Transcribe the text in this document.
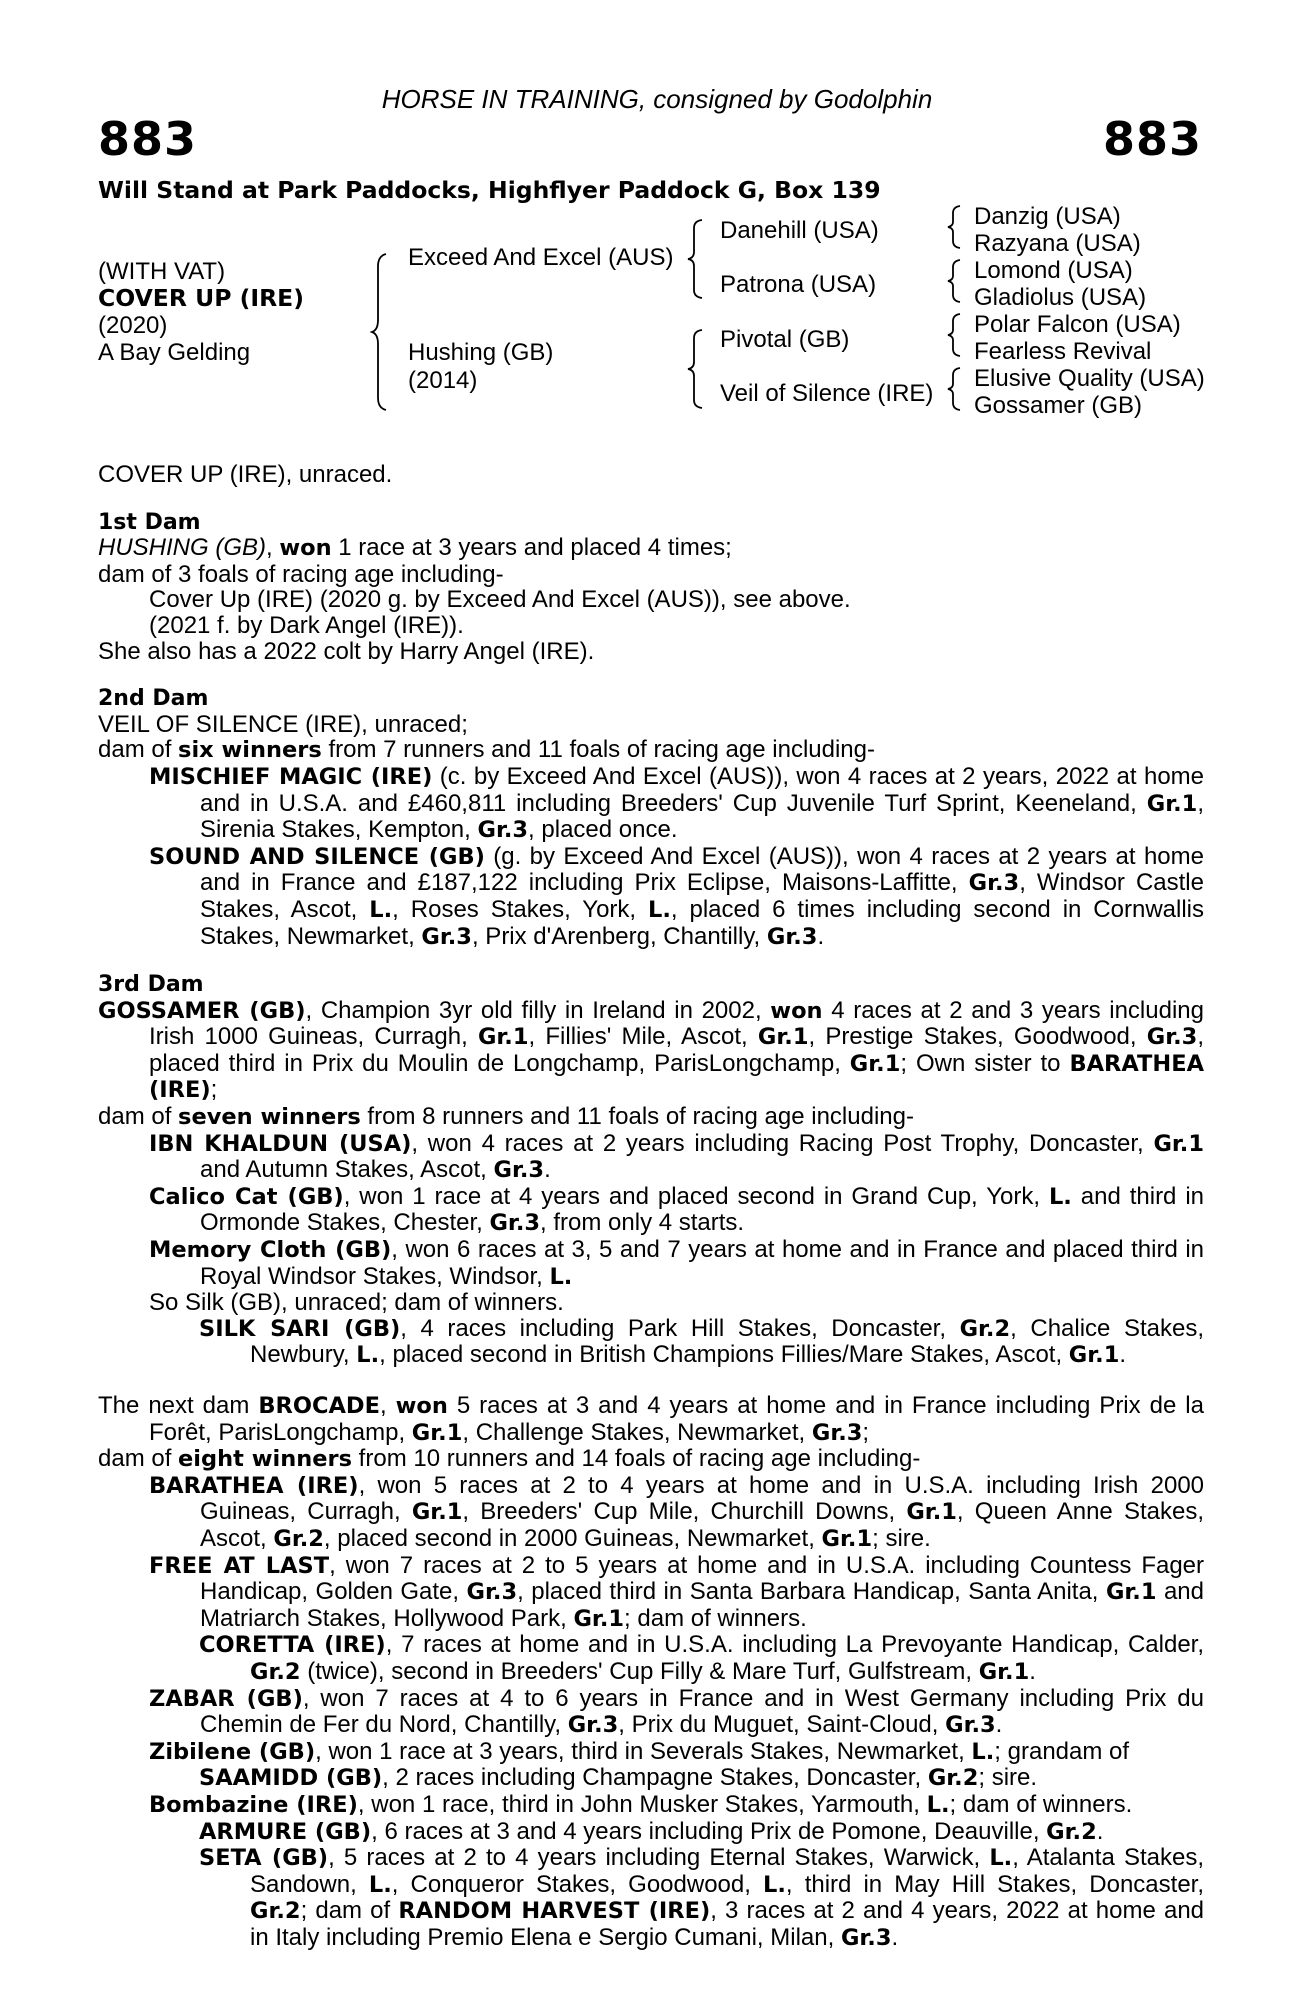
HORSE IN TRAINING, consigned by Godolphin
883	883
Will Stand at Park Paddocks, Highflyer Paddock G, Box 139
(WITH VAT)
COVER UP (IRE)
(2020)
A Bay Gelding
Exceed And Excel (AUS)
Hushing (GB)
(2014)
Danehill (USA)
Patrona (USA)
Pivotal (GB)
Veil of Silence (IRE)
Danzig (USA)
Razyana (USA)
Lomond (USA)
Gladiolus (USA)
Polar Falcon (USA)
Fearless Revival
Elusive Quality (USA)
Gossamer (GB)

COVER UP (IRE), unraced.

1st Dam

HUSHING (GB), won 1 race at 3 years and placed 4 times;

dam of 3 foals of racing age including-

Cover Up (IRE) (2020 g. by Exceed And Excel (AUS)), see above.

(2021 f. by Dark Angel (IRE)).

She also has a 2022 colt by Harry Angel (IRE).

2nd Dam

VEIL OF SILENCE (IRE), unraced;

dam of six winners from 7 runners and 11 foals of racing age including-

MISCHIEF MAGIC (IRE) (c. by Exceed And Excel (AUS)), won 4 races at 2 years, 2022 at home and in U.S.A. and £460,811 including Breeders' Cup Juvenile Turf Sprint, Keeneland, Gr.1, Sirenia Stakes, Kempton, Gr.3, placed once.

SOUND AND SILENCE (GB) (g. by Exceed And Excel (AUS)), won 4 races at 2 years at home and in France and £187,122 including Prix Eclipse, Maisons-Laffitte, Gr.3, Windsor Castle Stakes, Ascot, L., Roses Stakes, York, L., placed 6 times including second in Cornwallis Stakes, Newmarket, Gr.3, Prix d'Arenberg, Chantilly, Gr.3.

3rd Dam

GOSSAMER (GB), Champion 3yr old filly in Ireland in 2002, won 4 races at 2 and 3 years including Irish 1000 Guineas, Curragh, Gr.1, Fillies' Mile, Ascot, Gr.1, Prestige Stakes, Goodwood, Gr.3, placed third in Prix du Moulin de Longchamp, ParisLongchamp, Gr.1; Own sister to BARATHEA (IRE);

dam of seven winners from 8 runners and 11 foals of racing age including-

IBN KHALDUN (USA), won 4 races at 2 years including Racing Post Trophy, Doncaster, Gr.1 and Autumn Stakes, Ascot, Gr.3.

Calico Cat (GB), won 1 race at 4 years and placed second in Grand Cup, York, L. and third in Ormonde Stakes, Chester, Gr.3, from only 4 starts.

Memory Cloth (GB), won 6 races at 3, 5 and 7 years at home and in France and placed third in Royal Windsor Stakes, Windsor, L.

So Silk (GB), unraced; dam of winners.

SILK SARI (GB), 4 races including Park Hill Stakes, Doncaster, Gr.2, Chalice Stakes, Newbury, L., placed second in British Champions Fillies/Mare Stakes, Ascot, Gr.1.

The next dam BROCADE, won 5 races at 3 and 4 years at home and in France including Prix de la Forêt, ParisLongchamp, Gr.1, Challenge Stakes, Newmarket, Gr.3;

dam of eight winners from 10 runners and 14 foals of racing age including-

BARATHEA (IRE), won 5 races at 2 to 4 years at home and in U.S.A. including Irish 2000 Guineas, Curragh, Gr.1, Breeders' Cup Mile, Churchill Downs, Gr.1, Queen Anne Stakes, Ascot, Gr.2, placed second in 2000 Guineas, Newmarket, Gr.1; sire.

FREE AT LAST, won 7 races at 2 to 5 years at home and in U.S.A. including Countess Fager Handicap, Golden Gate, Gr.3, placed third in Santa Barbara Handicap, Santa Anita, Gr.1 and Matriarch Stakes, Hollywood Park, Gr.1; dam of winners.

CORETTA (IRE), 7 races at home and in U.S.A. including La Prevoyante Handicap, Calder, Gr.2 (twice), second in Breeders' Cup Filly & Mare Turf, Gulfstream, Gr.1.

ZABAR (GB), won 7 races at 4 to 6 years in France and in West Germany including Prix du Chemin de Fer du Nord, Chantilly, Gr.3, Prix du Muguet, Saint-Cloud, Gr.3.

Zibilene (GB), won 1 race at 3 years, third in Severals Stakes, Newmarket, L.; grandam of

SAAMIDD (GB), 2 races including Champagne Stakes, Doncaster, Gr.2; sire.

Bombazine (IRE), won 1 race, third in John Musker Stakes, Yarmouth, L.; dam of winners.

ARMURE (GB), 6 races at 3 and 4 years including Prix de Pomone, Deauville, Gr.2.

SETA (GB), 5 races at 2 to 4 years including Eternal Stakes, Warwick, L., Atalanta Stakes, Sandown, L., Conqueror Stakes, Goodwood, L., third in May Hill Stakes, Doncaster, Gr.2; dam of RANDOM HARVEST (IRE), 3 races at 2 and 4 years, 2022 at home and in Italy including Premio Elena e Sergio Cumani, Milan, Gr.3.
